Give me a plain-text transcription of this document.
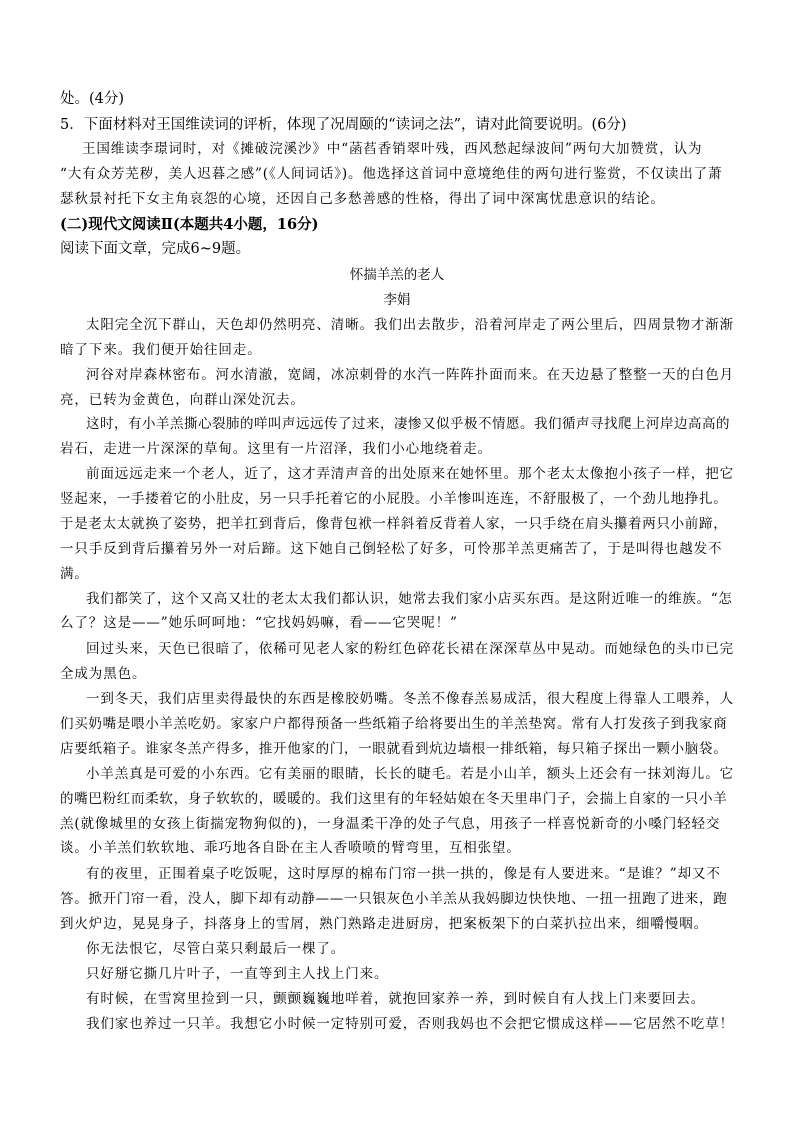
处。(4分)
5．下面材料对王国维读词的评析，体现了况周颐的“读词之法”，请对此简要说明。(6分)
王国维读李璟词时，对《摊破浣溪沙》中“菡萏香销翠叶残，西风愁起绿波间”两句大加赞赏，认为
“大有众芳芜秽，美人迟暮之感”(《人间词话》)。他选择这首词中意境绝佳的两句进行鉴赏，不仅读出了萧
瑟秋景衬托下女主角哀怨的心境，还因自己多愁善感的性格，得出了词中深寓忧患意识的结论。
(二)现代文阅读Ⅱ(本题共4小题，16分)
阅读下面文章，完成6~9题。
怀揣羊羔的老人
李娟
太阳完全沉下群山，天色却仍然明亮、清晰。我们出去散步，沿着河岸走了两公里后，四周景物才渐渐
暗了下来。我们便开始往回走。
河谷对岸森林密布。河水清澈，宽阔，冰凉刺骨的水汽一阵阵扑面而来。在天边悬了整整一天的白色月
亮，已转为金黄色，向群山深处沉去。
这时，有小羊羔撕心裂肺的咩叫声远远传了过来，凄惨又似乎极不情愿。我们循声寻找爬上河岸边高高的
岩石，走进一片深深的草甸。这里有一片沼泽，我们小心地绕着走。
前面远远走来一个老人，近了，这才弄清声音的出处原来在她怀里。那个老太太像抱小孩子一样，把它
竖起来，一手搂着它的小肚皮，另一只手托着它的小屁股。小羊惨叫连连，不舒服极了，一个劲儿地挣扎。
于是老太太就换了姿势，把羊扛到背后，像背包袱一样斜着反背着人家，一只手绕在肩头攥着两只小前蹄，
一只手反到背后攥着另外一对后蹄。这下她自己倒轻松了好多，可怜那羊羔更痛苦了，于是叫得也越发不
满。
我们都笑了，这个又高又壮的老太太我们都认识，她常去我们家小店买东西。是这附近唯一的维族。“怎
么了？这是——”她乐呵呵地：“它找妈妈嘛，看——它哭呢！”
回过头来，天色已很暗了，依稀可见老人家的粉红色碎花长裙在深深草丛中晃动。而她绿色的头巾已完
全成为黑色。
一到冬天，我们店里卖得最快的东西是橡胶奶嘴。冬羔不像春羔易成活，很大程度上得靠人工喂养，人
们买奶嘴是喂小羊羔吃奶。家家户户都得预备一些纸箱子给将要出生的羊羔垫窝。常有人打发孩子到我家商
店要纸箱子。谁家冬羔产得多，推开他家的门，一眼就看到炕边墙根一排纸箱，每只箱子探出一颗小脑袋。
小羊羔真是可爱的小东西。它有美丽的眼睛，长长的睫毛。若是小山羊，额头上还会有一抹刘海儿。它
的嘴巴粉红而柔软，身子软软的，暖暖的。我们这里有的年轻姑娘在冬天里串门子，会揣上自家的一只小羊
羔(就像城里的女孩上街揣宠物狗似的)，一身温柔干净的处子气息，用孩子一样喜悦新奇的小嗓门轻轻交
谈。小羊羔们软软地、乖巧地各自卧在主人香喷喷的臂弯里，互相张望。
有的夜里，正围着桌子吃饭呢，这时厚厚的棉布门帘一拱一拱的，像是有人要进来。“是谁？”却又不
答。掀开门帘一看，没人，脚下却有动静——一只银灰色小羊羔从我妈脚边快快地、一扭一扭跑了进来，跑
到火炉边，晃晃身子，抖落身上的雪屑，熟门熟路走进厨房，把案板架下的白菜扒拉出来，细嚼慢咽。
你无法恨它，尽管白菜只剩最后一棵了。
只好掰它撕几片叶子，一直等到主人找上门来。
有时候，在雪窝里捡到一只，颤颤巍巍地咩着，就抱回家养一养，到时候自有人找上门来要回去。
我们家也养过一只羊。我想它小时候一定特别可爱，否则我妈也不会把它惯成这样——它居然不吃草！
